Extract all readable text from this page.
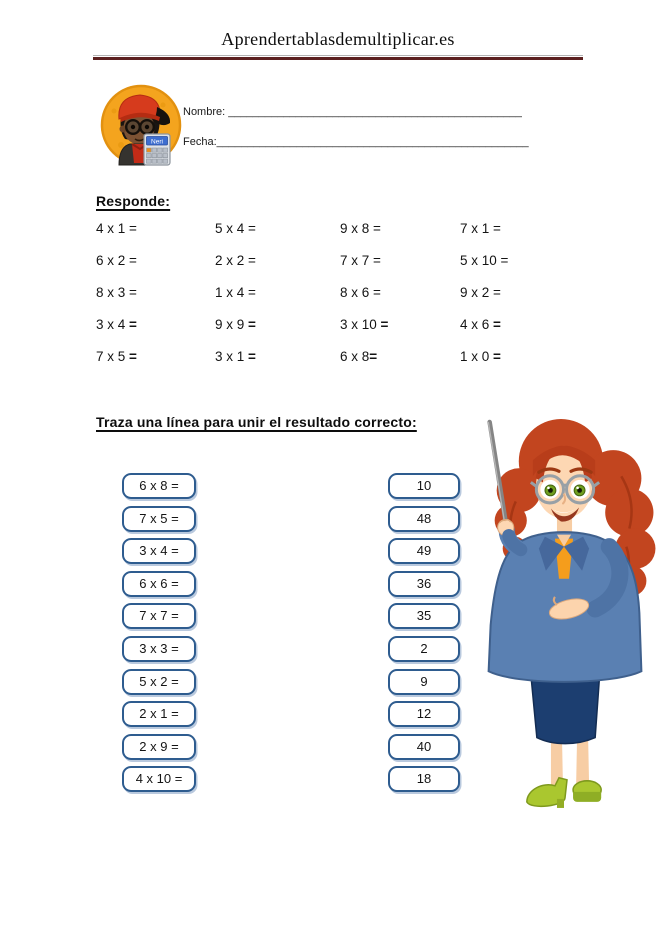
Aprendertablasdemultiplicar.es
Neri
Nombre: ________________________________________________
Fecha:___________________________________________________
Responde:
4 x 1 =	5 x 4 =	9 x 8 =	7 x 1 =
6 x 2 =	2 x 2 =	7 x 7 =	5 x 10 =
8 x 3 =	1 x 4 =	8 x 6 =	9 x 2 =
3 x 4 =	9 x 9 =	3 x 10 =	4 x 6 =
7 x 5 =	3 x 1 =	6 x 8=	1 x 0 =
Traza una línea para unir el resultado correcto:
6 x 8 =
7 x 5 =
3 x 4 =
6 x 6 =
7 x 7 =
3 x 3 =
5 x 2 =
2 x 1 =
2 x 9 =
4 x 10 =
10
48
49
36
35
2
9
12
40
18
